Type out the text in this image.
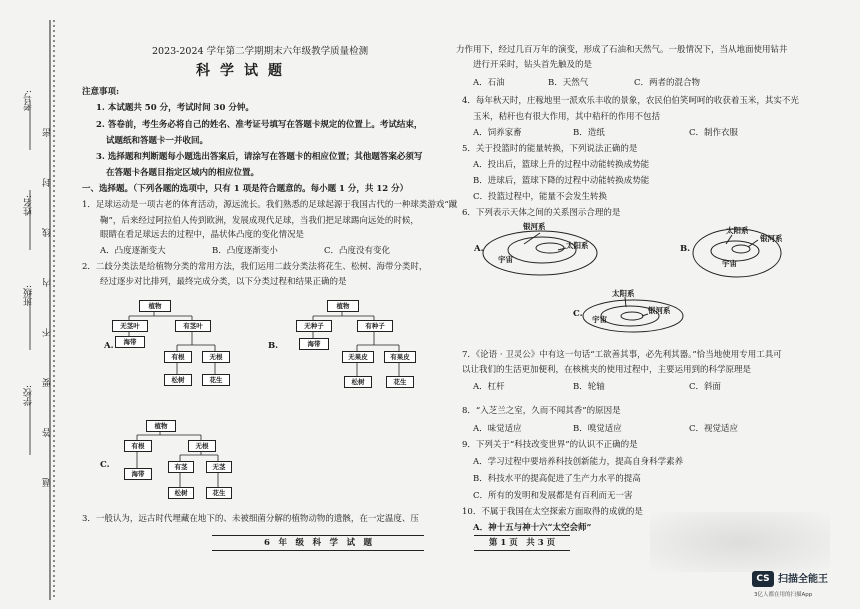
考号:
姓名:
班级:
学校:
密
封
线
内
不
要
答
题
2023-2024 学年第二学期期末六年级教学质量检测
科学试题
注意事项:
1. 本试题共 50 分，考试时间 30 分钟。
2. 答卷前，考生务必将自己的姓名、准考证号填写在答题卡规定的位置上。考试结束，
试题纸和答题卡一并收回。
3. 选择题和判断题每小题选出答案后，请涂写在答题卡的相应位置；其他题答案必须写
在答题卡各题目指定区域内的相应位置。
一、选择题。（下列各题的选项中，只有 1 项是符合题意的。每小题 1 分，共 12 分）
1．足球运动是一项古老的体育活动，源远流长。我们熟悉的足球起源于我国古代的一种球类游戏“蹴
鞠”，后来经过阿拉伯人传到欧洲，发展成现代足球，当我们把足球踢向远处的时候，
眼睛在看足球远去的过程中，晶状体凸度的变化情况是
A．凸度逐渐变大	B．凸度逐渐变小	C．凸度没有变化
2．二歧分类法是给植物分类的常用方法，我们运用二歧分类法将花生、松树、海带分类时，
经过逐步对比排列，最终完成分类，以下分类过程和结果正确的是
A.
植物
无茎叶	有茎叶
海带
有根	无根
松树	花生
B.
植物
无种子	有种子
海带
无果皮	有果皮
松树	花生
C.
植物
有根	无根
海带
有茎	无茎
松树	花生
3．一般认为，远古时代埋藏在地下的、未被细菌分解的植物动物的遗骸，在一定温度、压
6　年　级　科　学　试　题
力作用下，经过几百万年的演变，形成了石油和天然气。一般情况下，当从地面使用钻井
进行开采时，钻头首先触及的是
A．石油	B．天然气	C．两者的混合物
4．每年秋天时，庄稼地里一派欢乐丰收的景象，农民伯伯笑呵呵的收获着玉米，其实不光
玉米，秸秆也有很大作用，其中秸秆的作用不包括
A．饲养家畜	B．造纸	C．制作衣服
5．关于投篮时的能量转换，下列说法正确的是
A．投出后，篮球上升的过程中动能转换成势能
B．进球后，篮球下降的过程中动能转换成势能
C．投篮过程中，能量不会发生转换
6．下列表示天体之间的关系图示合理的是
A.
宇宙
银河系
太阳系	B.
宇宙
太阳系
银河系
C.
宇宙
太阳系
银河系
7．《论语 · 卫灵公》中有这一句话“工欲善其事，必先利其器。”恰当地使用专用工具可
以让我们的生活更加便利，在核桃夹的使用过程中，主要运用到的科学原理是
A．杠杆	B．轮轴	C．斜面
8．“入芝兰之室，久而不闻其香”的原因是
A．味觉适应	B．嗅觉适应	C．视觉适应
9．下列关于“科技改变世界”的认识不正确的是
A．学习过程中要培养科技创新能力，提高自身科学素养
B．科技水平的提高促进了生产力水平的提高
C．所有的发明和发展都是有百利而无一害
10．不属于我国在太空探索方面取得的成就的是
A．神十五与神十六“太空会师”
第 1 页　共 3 页
CS 扫描全能王
3亿人都在用的扫描App
